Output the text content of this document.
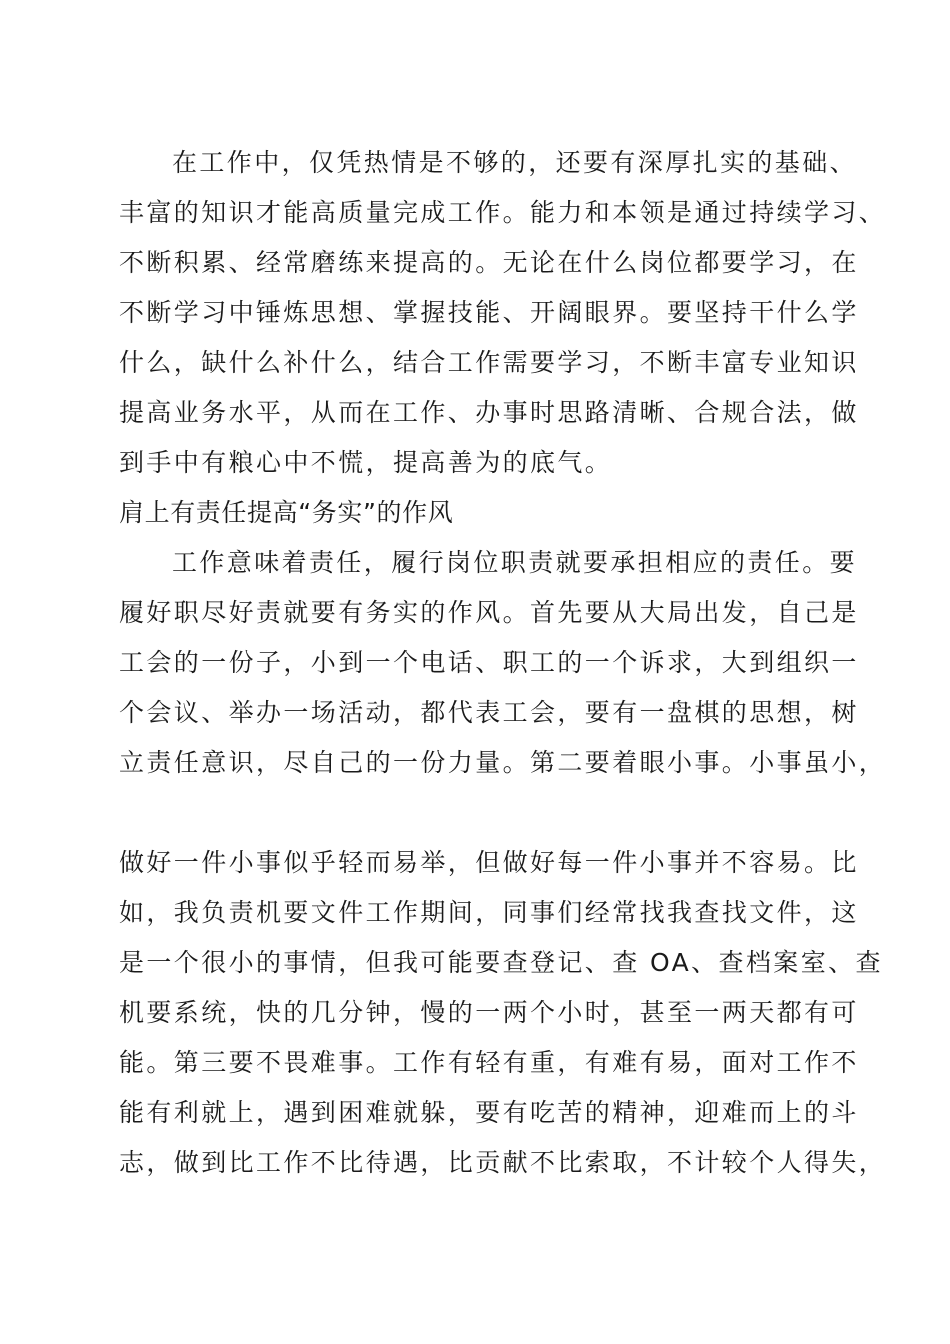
在工作中，仅凭热情是不够的，还要有深厚扎实的基础、
丰富的知识才能高质量完成工作。能力和本领是通过持续学习、
不断积累、经常磨练来提高的。无论在什么岗位都要学习，在
不断学习中锤炼思想、掌握技能、开阔眼界。要坚持干什么学
什么，缺什么补什么，结合工作需要学习，不断丰富专业知识
提高业务水平，从而在工作、办事时思路清晰、合规合法，做
到手中有粮心中不慌，提高善为的底气。
肩上有责任提高“务实”的作风
工作意味着责任，履行岗位职责就要承担相应的责任。要
履好职尽好责就要有务实的作风。首先要从大局出发，自己是
工会的一份子，小到一个电话、职工的一个诉求，大到组织一
个会议、举办一场活动，都代表工会，要有一盘棋的思想，树
立责任意识，尽自己的一份力量。第二要着眼小事。小事虽小，
做好一件小事似乎轻而易举，但做好每一件小事并不容易。比
如，我负责机要文件工作期间，同事们经常找我查找文件，这
是一个很小的事情，但我可能要查登记、查 OA、查档案室、查
机要系统，快的几分钟，慢的一两个小时，甚至一两天都有可
能。第三要不畏难事。工作有轻有重，有难有易，面对工作不
能有利就上，遇到困难就躲，要有吃苦的精神，迎难而上的斗
志，做到比工作不比待遇，比贡献不比索取，不计较个人得失，
